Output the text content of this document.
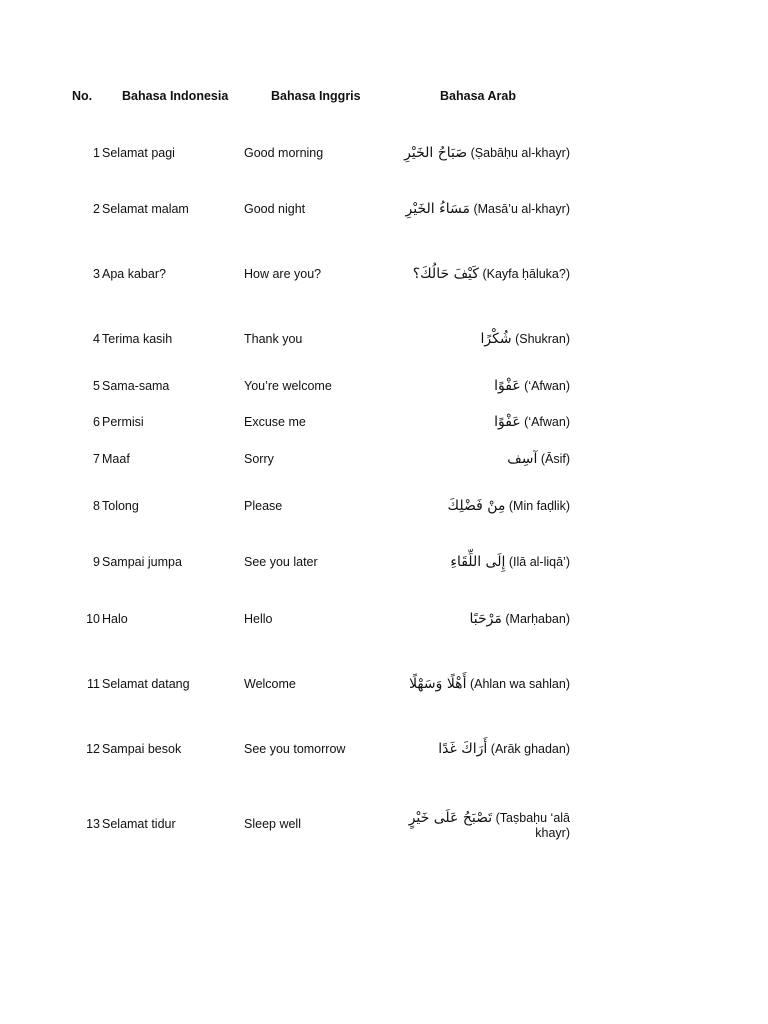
No. Bahasa Indonesia	Bahasa Inggris	Bahasa Arab
1 Selamat pagi	Good morning	صَبَاحُ الخَيْرِ (Ṣabāḥu al-khayr)
2 Selamat malam	Good night	مَسَاءُ الخَيْرِ (Masā’u al-khayr)
3 Apa kabar?	How are you?	كَيْفَ حَالُكَ؟ (Kayfa ḥāluka?)
4 Terima kasih	Thank you	شُكْرًا (Shukran)
5 Sama-sama	You’re welcome	عَفْوًا (‘Afwan)
6 Permisi	Excuse me	عَفْوًا (‘Afwan)
7 Maaf	Sorry	آسِف (Āsif)
8 Tolong	Please	مِنْ فَضْلِكَ (Min faḍlik)
9 Sampai jumpa	See you later	إِلَى اللِّقَاءِ (Ilā al-liqā’)
10 Halo	Hello	مَرْحَبًا (Marḥaban)
11 Selamat datang	Welcome	أَهْلًا وَسَهْلًا (Ahlan wa sahlan)
12 Sampai besok	See you tomorrow	أَرَاكَ غَدًا (Arāk ghadan)
13 Selamat tidur	Sleep well	تَصْبَحُ عَلَى خَيْرٍ (Taṣbaḥu ‘alā khayr)
